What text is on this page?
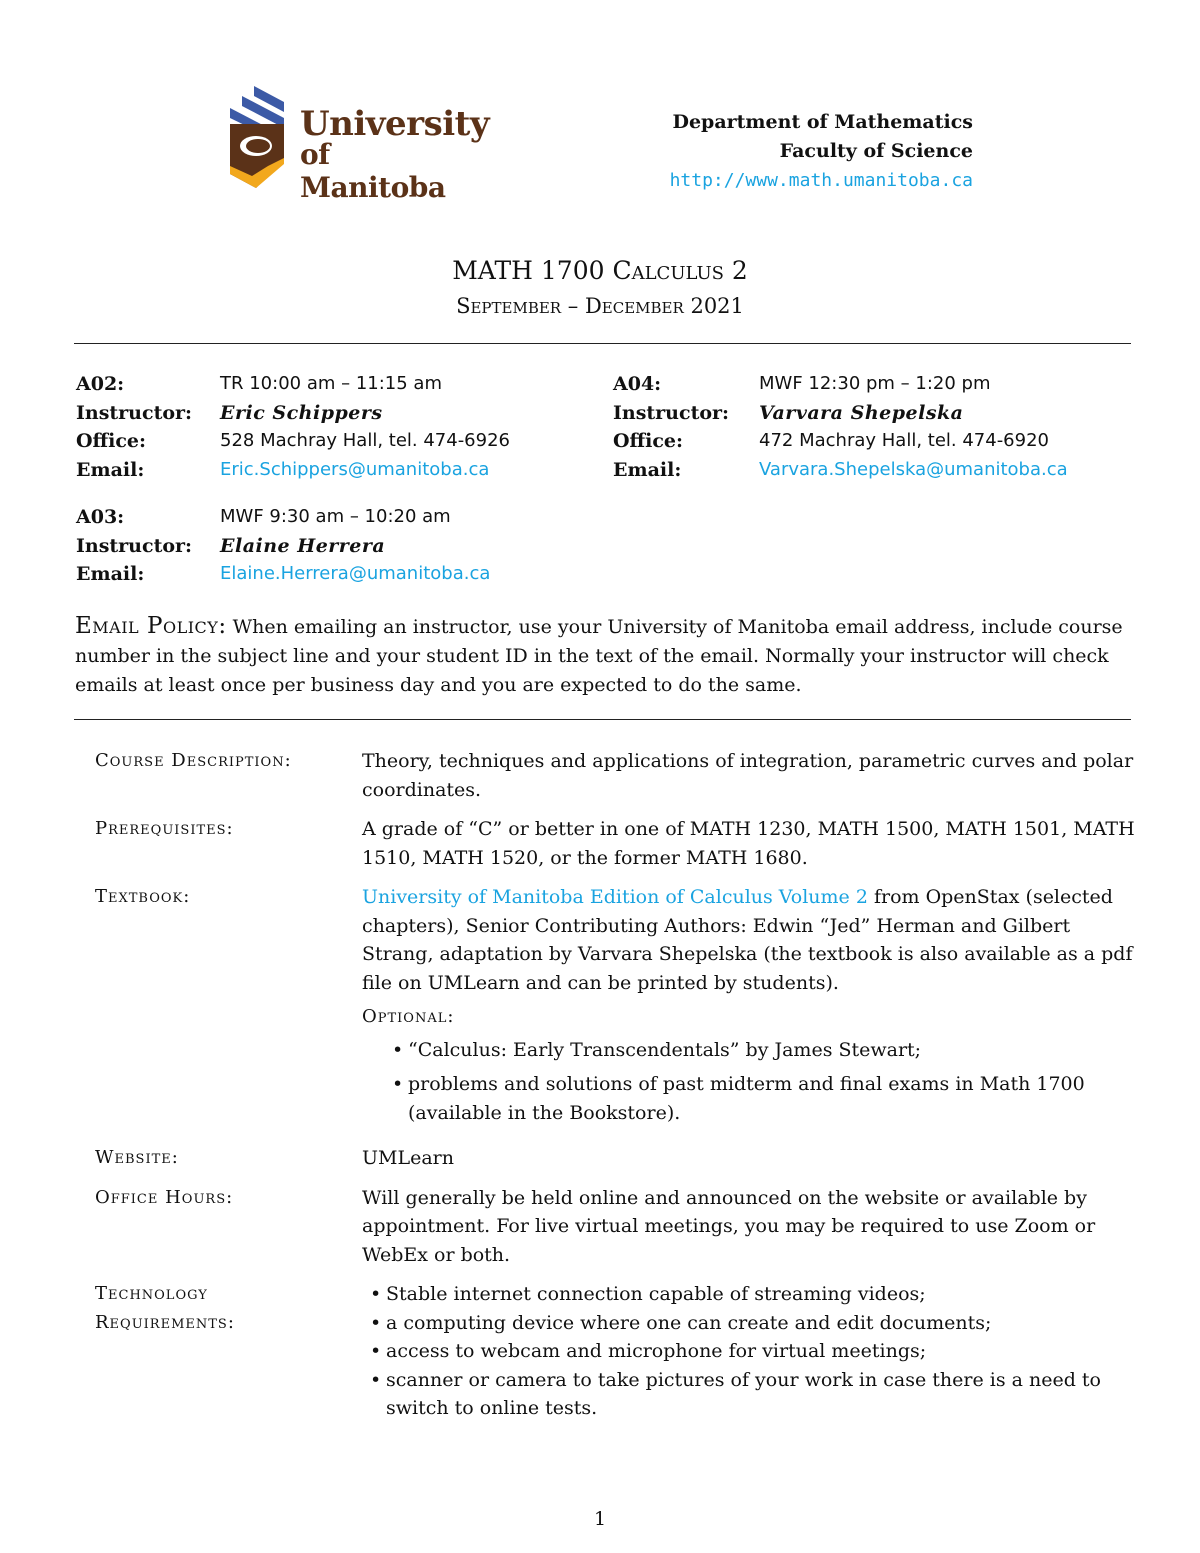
University
of Manitoba
Department of Mathematics
Faculty of Science
http://www.math.umanitoba.ca
MATH 1700 Calculus 2
September – December 2021
A02:	TR 10:00 am – 11:15 am
Instructor:	Eric Schippers
Office:	528 Machray Hall, tel. 474-6926
Email:	Eric.Schippers@umanitoba.ca
A04:	MWF 12:30 pm – 1:20 pm
Instructor:	Varvara Shepelska
Office:	472 Machray Hall, tel. 474-6920
Email:	Varvara.Shepelska@umanitoba.ca
A03:	MWF 9:30 am – 10:20 am
Instructor:	Elaine Herrera
Email:	Elaine.Herrera@umanitoba.ca
Email Policy: When emailing an instructor, use your University of Manitoba email address, include course number in the subject line and your student ID in the text of the email. Normally your instructor will check emails at least once per business day and you are expected to do the same.
Course Description:	Theory, techniques and applications of integration, parametric curves and polar coordinates.
Prerequisites:	A grade of “C” or better in one of MATH 1230, MATH 1500, MATH 1501, MATH 1510, MATH 1520, or the former MATH 1680.
Textbook:	University of Manitoba Edition of Calculus Volume 2 from OpenStax (selected chapters), Senior Contributing Authors: Edwin “Jed” Herman and Gilbert Strang, adaptation by Varvara Shepelska (the textbook is also available as a pdf file on UMLearn and can be printed by students).
Optional:
• “Calculus: Early Transcendentals” by James Stewart;
• problems and solutions of past midterm and final exams in Math 1700 (available in the Bookstore).
Website:	UMLearn
Office Hours:	Will generally be held online and announced on the website or available by appointment. For live virtual meetings, you may be required to use Zoom or WebEx or both.
Technology
Requirements:
• Stable internet connection capable of streaming videos;
• a computing device where one can create and edit documents;
• access to webcam and microphone for virtual meetings;
• scanner or camera to take pictures of your work in case there is a need to switch to online tests.
1
